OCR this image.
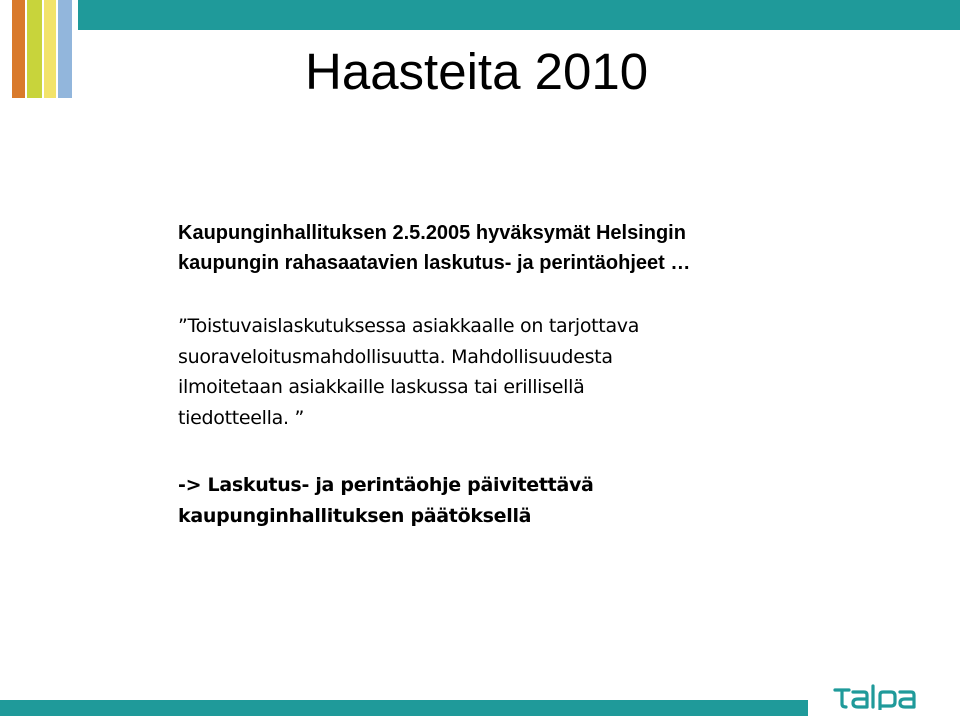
Haasteita 2010

Kaupunginhallituksen 2.5.2005 hyväksymät Helsingin
kaupungin rahasaatavien laskutus- ja perintäohjeet …

”Toistuvaislaskutuksessa asiakkaalle on tarjottava
suoraveloitusmahdollisuutta. Mahdollisuudesta
ilmoitetaan asiakkaille laskussa tai erillisellä
tiedotteella. ”

-> Laskutus- ja perintäohje päivitettävä
kaupunginhallituksen päätöksellä
